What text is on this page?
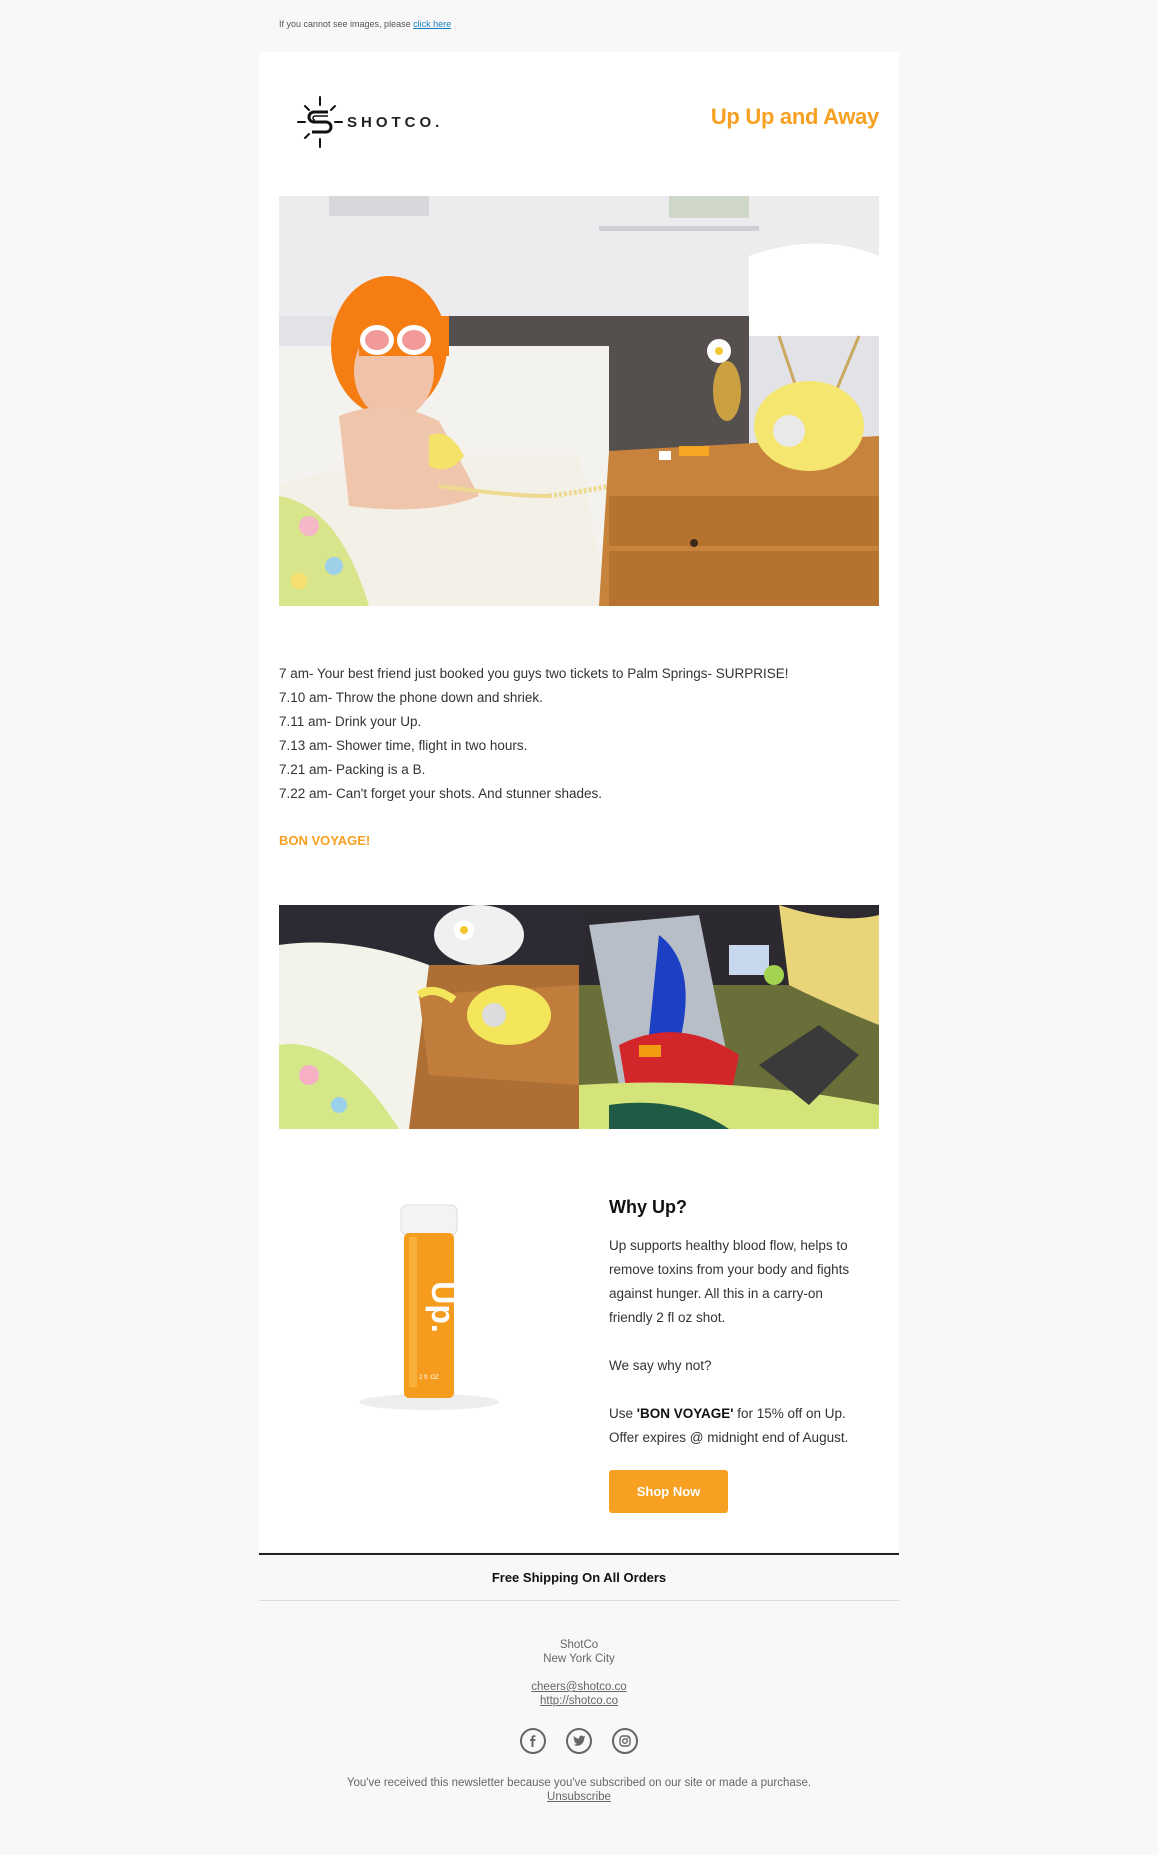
If you cannot see images, please click here
SHOTCO.	Up Up and Away
7 am- Your best friend just booked you guys two tickets to Palm Springs- SURPRISE!
7.10 am- Throw the phone down and shriek.
7.11 am- Drink your Up.
7.13 am- Shower time, flight in two hours.
7.21 am- Packing is a B.
7.22 am- Can't forget your shots. And stunner shades.
BON VOYAGE!
Up.
2 fl. OZ
Why Up?

Up supports healthy blood flow, helps to remove toxins from your body and fights against hunger. All this in a carry-on friendly 2 fl oz shot.

We say why not?

Use 'BON VOYAGE' for 15% off on Up. Offer expires @ midnight end of August.

Shop Now
Free Shipping On All Orders
ShotCo
New York City
cheers@shotco.co
http://shotco.co
You've received this newsletter because you've subscribed on our site or made a purchase.
Unsubscribe
